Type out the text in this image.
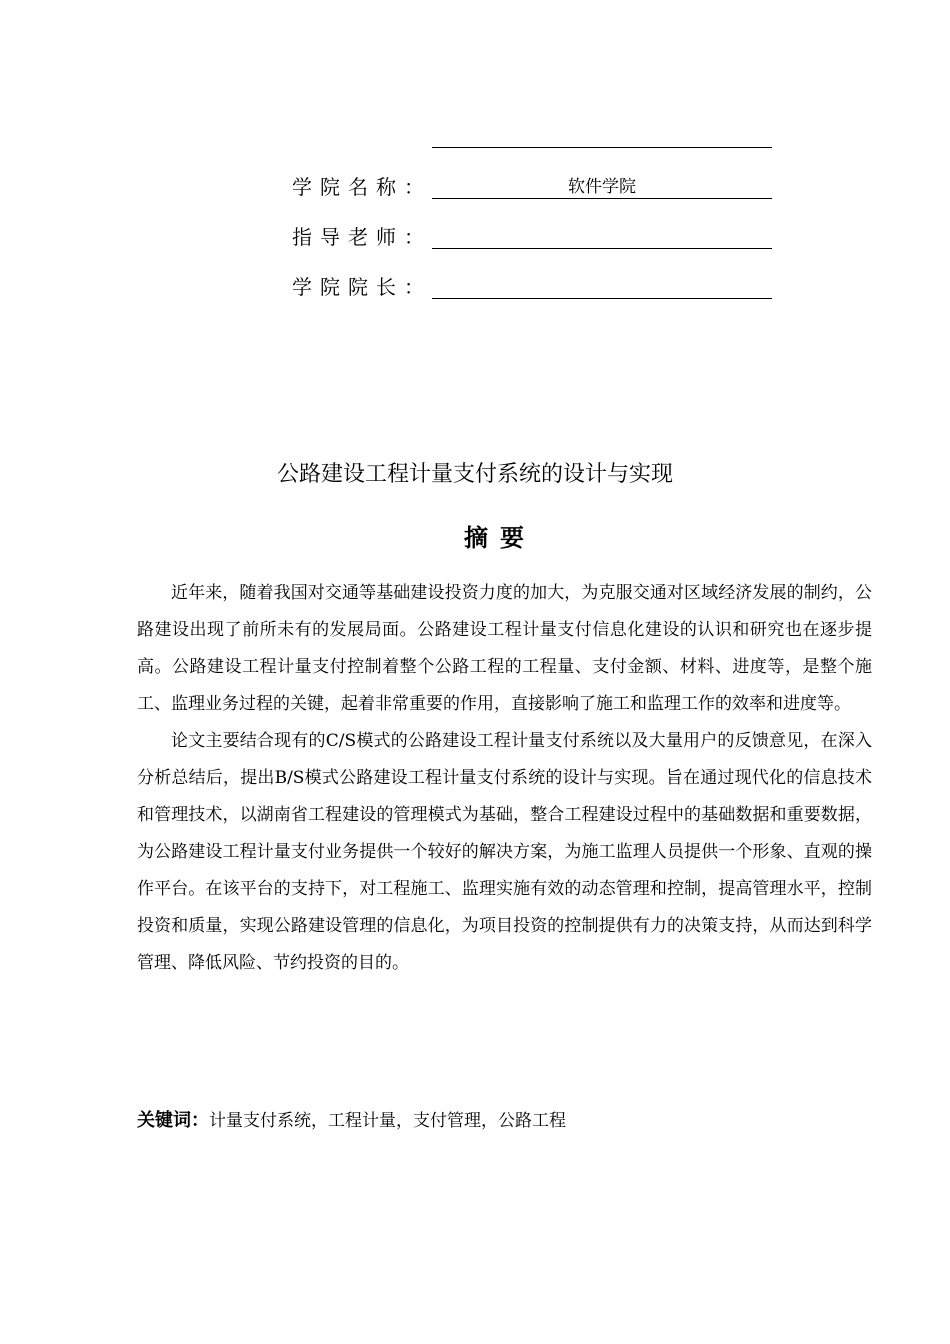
学院名称：	软件学院
指导老师：
学院院长：
公路建设工程计量支付系统的设计与实现
摘要

近年来，随着我国对交通等基础建设投资力度的加大，为克服交通对区域经济发展的制约，公路建设出现了前所未有的发展局面。公路建设工程计量支付信息化建设的认识和研究也在逐步提高。公路建设工程计量支付控制着整个公路工程的工程量、支付金额、材料、进度等，是整个施工、监理业务过程的关键，起着非常重要的作用，直接影响了施工和监理工作的效率和进度等。

论文主要结合现有的C/S模式的公路建设工程计量支付系统以及大量用户的反馈意见，在深入分析总结后，提出B/S模式公路建设工程计量支付系统的设计与实现。旨在通过现代化的信息技术和管理技术，以湖南省工程建设的管理模式为基础，整合工程建设过程中的基础数据和重要数据，为公路建设工程计量支付业务提供一个较好的解决方案，为施工监理人员提供一个形象、直观的操作平台。在该平台的支持下，对工程施工、监理实施有效的动态管理和控制，提高管理水平，控制投资和质量，实现公路建设管理的信息化，为项目投资的控制提供有力的决策支持，从而达到科学管理、降低风险、节约投资的目的。

关键词：计量支付系统，工程计量，支付管理，公路工程
